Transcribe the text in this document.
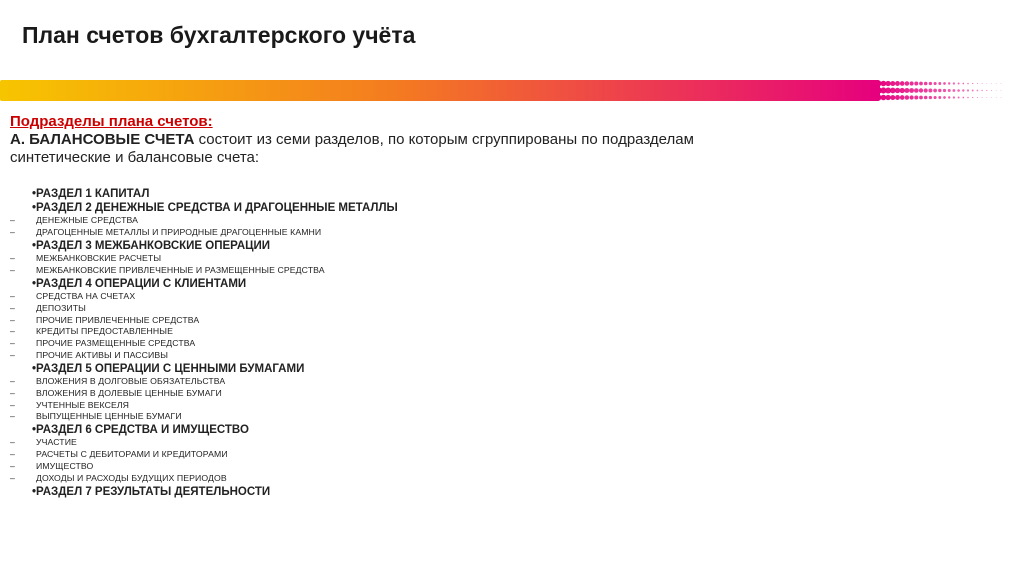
План счетов бухгалтерского учёта
Подразделы плана счетов:
А. БАЛАНСОВЫЕ СЧЕТА состоит из семи разделов, по которым сгруппированы по подразделам синтетические и балансовые счета:
•РАЗДЕЛ 1 КАПИТАЛ
•РАЗДЕЛ 2 ДЕНЕЖНЫЕ СРЕДСТВА И ДРАГОЦЕННЫЕ МЕТАЛЛЫ
–	ДЕНЕЖНЫЕ СРЕДСТВА
–	ДРАГОЦЕННЫЕ МЕТАЛЛЫ И ПРИРОДНЫЕ ДРАГОЦЕННЫЕ КАМНИ
•РАЗДЕЛ 3 МЕЖБАНКОВСКИЕ ОПЕРАЦИИ
–	МЕЖБАНКОВСКИЕ РАСЧЕТЫ
–	МЕЖБАНКОВСКИЕ ПРИВЛЕЧЕННЫЕ И РАЗМЕЩЕННЫЕ СРЕДСТВА
•РАЗДЕЛ 4 ОПЕРАЦИИ С КЛИЕНТАМИ
–	СРЕДСТВА НА СЧЕТАХ
–	ДЕПОЗИТЫ
–	ПРОЧИЕ ПРИВЛЕЧЕННЫЕ СРЕДСТВА
–	КРЕДИТЫ ПРЕДОСТАВЛЕННЫЕ
–	ПРОЧИЕ РАЗМЕЩЕННЫЕ СРЕДСТВА
–	ПРОЧИЕ АКТИВЫ И ПАССИВЫ
•РАЗДЕЛ 5 ОПЕРАЦИИ С ЦЕННЫМИ БУМАГАМИ
–	ВЛОЖЕНИЯ В ДОЛГОВЫЕ ОБЯЗАТЕЛЬСТВА
–	ВЛОЖЕНИЯ В ДОЛЕВЫЕ ЦЕННЫЕ БУМАГИ
–	УЧТЕННЫЕ ВЕКСЕЛЯ
–	ВЫПУЩЕННЫЕ ЦЕННЫЕ БУМАГИ
•РАЗДЕЛ 6 СРЕДСТВА И ИМУЩЕСТВО
–	УЧАСТИЕ
–	РАСЧЕТЫ С ДЕБИТОРАМИ И КРЕДИТОРАМИ
–	ИМУЩЕСТВО
–	ДОХОДЫ И РАСХОДЫ БУДУЩИХ ПЕРИОДОВ
•РАЗДЕЛ 7 РЕЗУЛЬТАТЫ ДЕЯТЕЛЬНОСТИ
